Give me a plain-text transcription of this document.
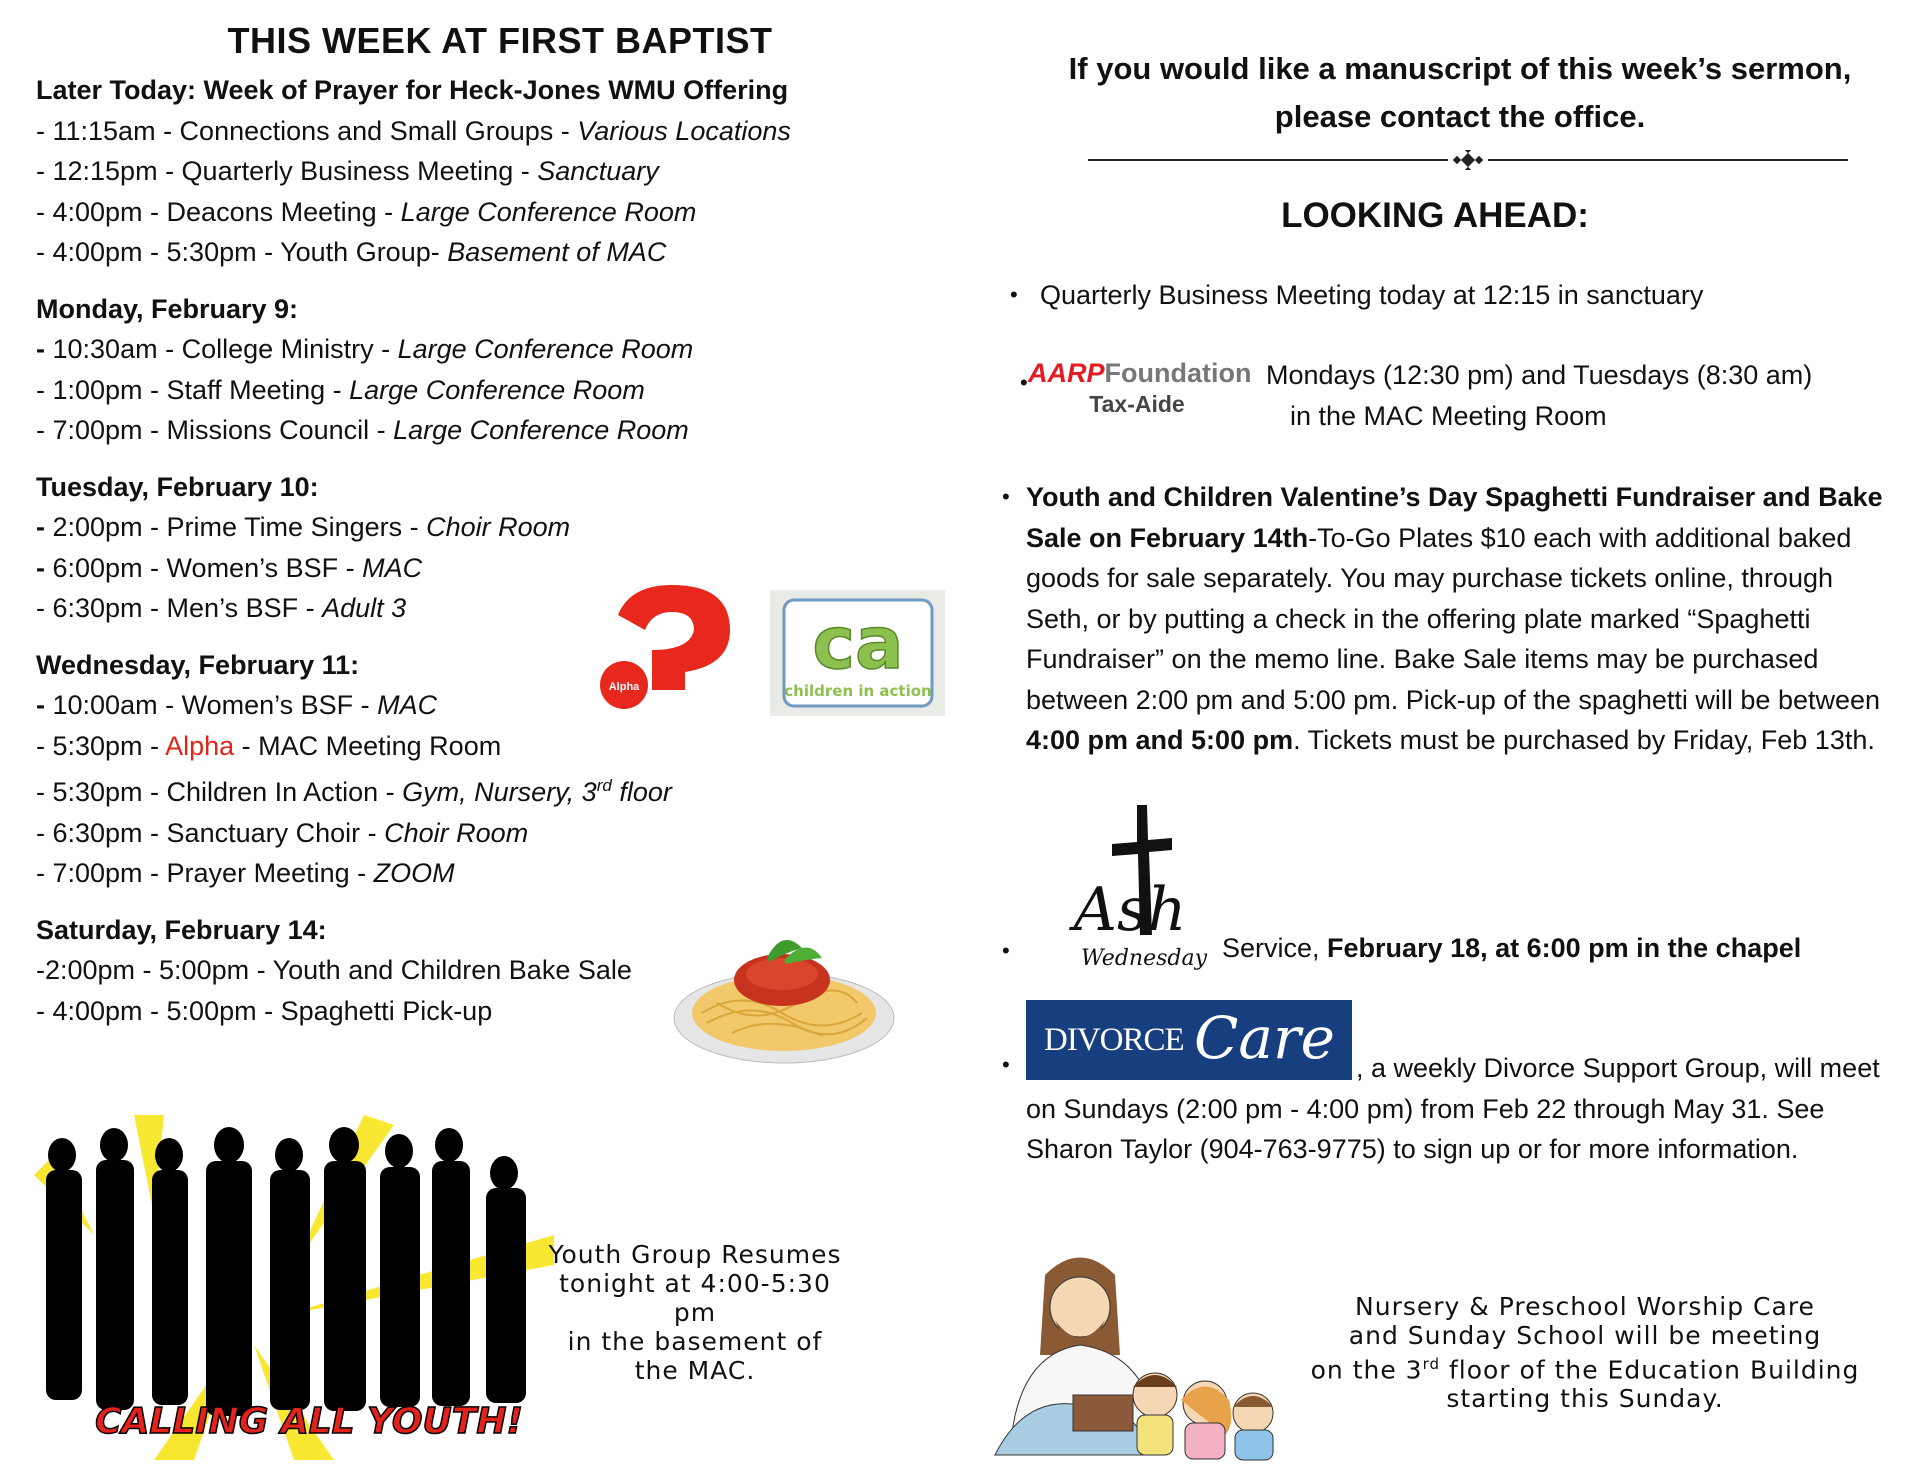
THIS WEEK AT FIRST BAPTIST
Later Today: Week of Prayer for Heck-Jones WMU Offering
- 11:15am - Connections and Small Groups - Various Locations
- 12:15pm - Quarterly Business Meeting - Sanctuary
- 4:00pm - Deacons Meeting - Large Conference Room
- 4:00pm - 5:30pm - Youth Group- Basement of MAC
Monday, February 9:
- 10:30am - College Ministry - Large Conference Room
- 1:00pm - Staff Meeting - Large Conference Room
- 7:00pm - Missions Council - Large Conference Room
Tuesday, February 10:
- 2:00pm - Prime Time Singers - Choir Room
- 6:00pm - Women’s BSF - MAC
- 6:30pm - Men’s BSF - Adult 3
Wednesday, February 11:
- 10:00am - Women’s BSF - MAC
- 5:30pm - Alpha - MAC Meeting Room
- 5:30pm - Children In Action - Gym, Nursery, 3rd floor
- 6:30pm - Sanctuary Choir - Choir Room
- 7:00pm - Prayer Meeting - ZOOM
Saturday, February 14:
-2:00pm - 5:00pm - Youth and Children Bake Sale
- 4:00pm - 5:00pm - Spaghetti Pick-up
Alpha
ca
children in action
CALLING ALL YOUTH!
Youth Group Resumes
tonight at 4:00-5:30 pm
in the basement of
the MAC.
If you would like a manuscript of this week’s sermon,
please contact the office.
LOOKING AHEAD:
• Quarterly Business Meeting today at 12:15 in sanctuary
• AARPFoundation
Tax-Aide
Mondays (12:30 pm) and Tuesdays (8:30 am)
in the MAC Meeting Room
• Youth and Children Valentine’s Day Spaghetti Fundraiser and Bake Sale on February 14th-To-Go Plates $10 each with additional baked goods for sale separately. You may purchase tickets online, through Seth, or by putting a check in the offering plate marked “Spaghetti Fundraiser” on the memo line. Bake Sale items may be purchased between 2:00 pm and 5:00 pm. Pick-up of the spaghetti will be between 4:00 pm and 5:00 pm. Tickets must be purchased by Friday, Feb 13th.
•
Ash
Wednesday Service, February 18, at 6:00 pm in the chapel
DIVORCE Care
•	, a weekly Divorce Support Group, will meet on Sundays (2:00 pm - 4:00 pm) from Feb 22 through May 31. See Sharon Taylor (904-763-9775) to sign up or for more information.
Nursery & Preschool Worship Care
and Sunday School will be meeting
on the 3rd floor of the Education Building
starting this Sunday.
